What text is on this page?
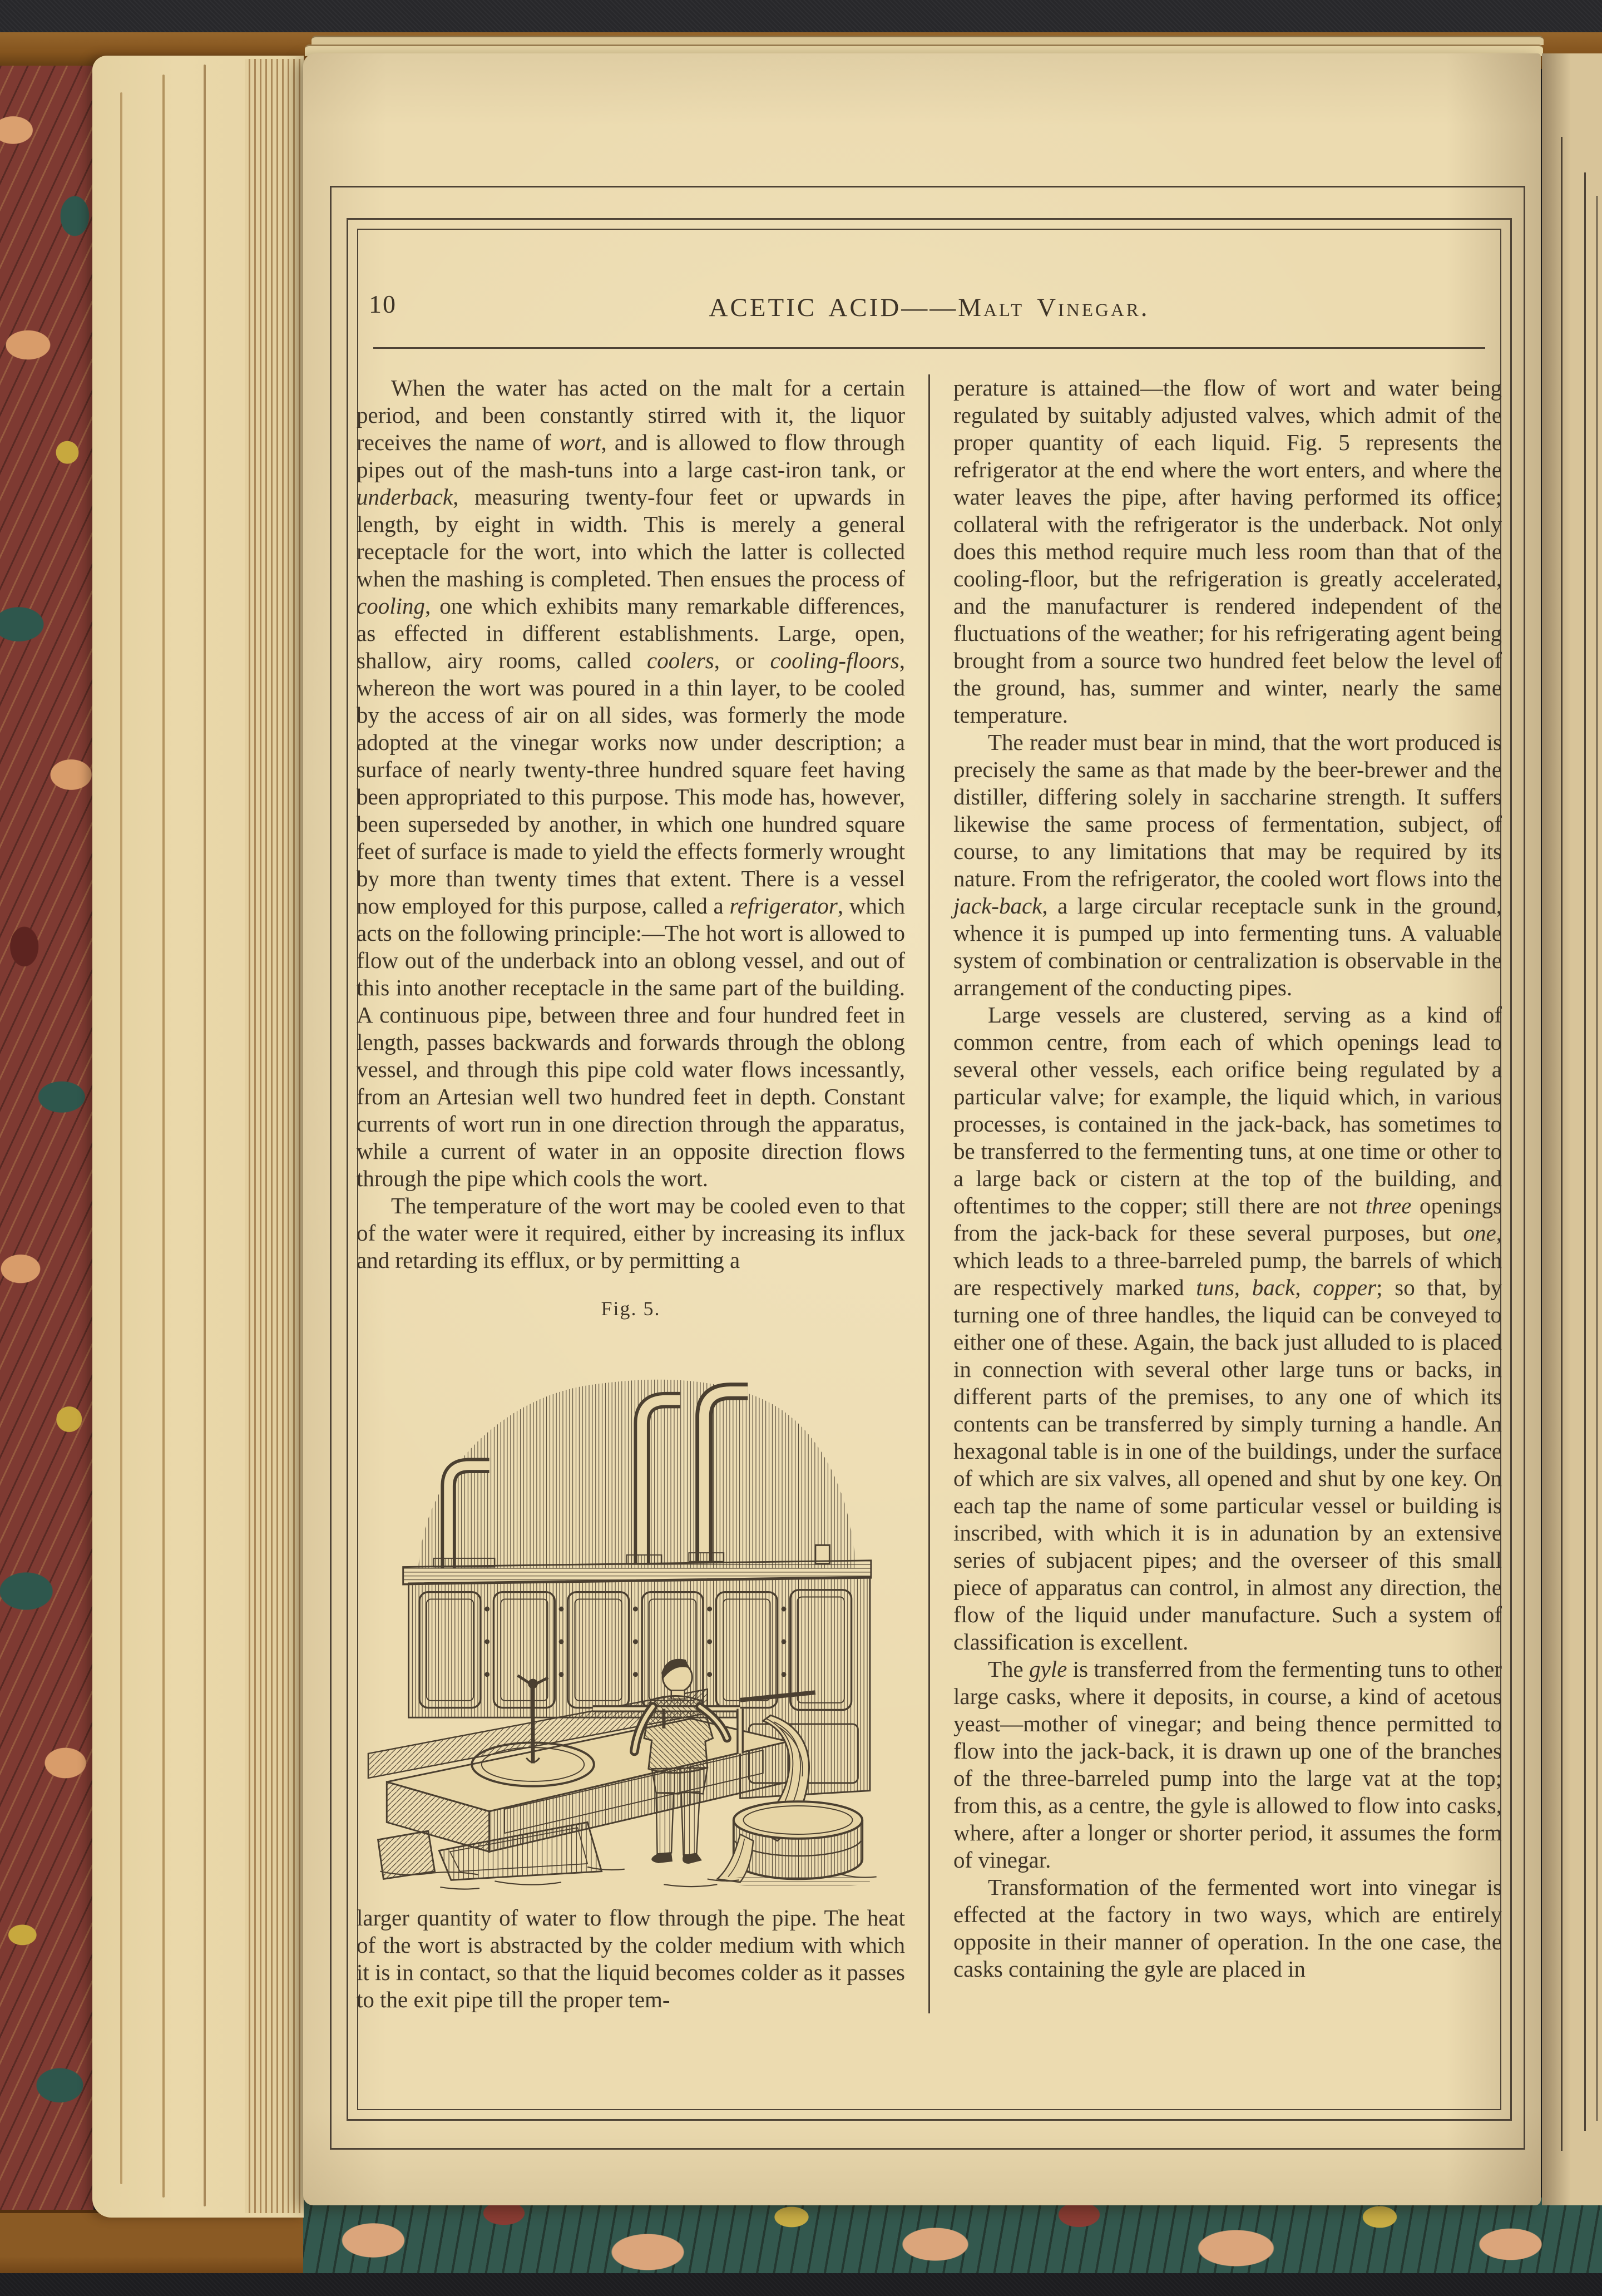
10	ACETIC ACID——Malt Vinegar.

When the water has acted on the malt for a certain period, and been constantly stirred with it, the liquor receives the name of wort, and is allowed to flow through pipes out of the mash-tuns into a large cast-iron tank, or underback, measuring twenty-four feet or upwards in length, by eight in width. This is merely a general receptacle for the wort, into which the latter is collected when the mashing is completed. Then ensues the process of cooling, one which exhibits many remarkable differences, as effected in different establishments. Large, open, shallow, airy rooms, called coolers, or cooling-floors, whereon the wort was poured in a thin layer, to be cooled by the access of air on all sides, was formerly the mode adopted at the vinegar works now under description; a surface of nearly twenty-three hundred square feet having been appropriated to this purpose. This mode has, however, been superseded by another, in which one hundred square feet of surface is made to yield the effects formerly wrought by more than twenty times that extent. There is a vessel now employed for this purpose, called a refrigerator, which acts on the following principle:—The hot wort is allowed to flow out of the underback into an oblong vessel, and out of this into another receptacle in the same part of the building. A continuous pipe, between three and four hundred feet in length, passes backwards and forwards through the oblong vessel, and through this pipe cold water flows incessantly, from an Artesian well two hundred feet in depth. Constant currents of wort run in one direction through the apparatus, while a current of water in an opposite direction flows through the pipe which cools the wort.

The temperature of the wort may be cooled even to that of the water were it required, either by increasing its influx and retarding its efflux, or by permitting a

Fig. 5.

larger quantity of water to flow through the pipe. The heat of the wort is abstracted by the colder medium with which it is in contact, so that the liquid becomes colder as it passes to the exit pipe till the proper tem-

perature is attained—the flow of wort and water being regulated by suitably adjusted valves, which admit of the proper quantity of each liquid. Fig. 5 represents the refrigerator at the end where the wort enters, and where the water leaves the pipe, after having performed its office; collateral with the refrigerator is the underback. Not only does this method require much less room than that of the cooling-floor, but the refrigeration is greatly accelerated, and the manufacturer is rendered independent of the fluctuations of the weather; for his refrigerating agent being brought from a source two hundred feet below the level of the ground, has, summer and winter, nearly the same temperature.

The reader must bear in mind, that the wort produced is precisely the same as that made by the beer-brewer and the distiller, differing solely in saccharine strength. It suffers likewise the same process of fermentation, subject, of course, to any limitations that may be required by its nature. From the refrigerator, the cooled wort flows into the jack-back, a large circular receptacle sunk in the ground, whence it is pumped up into fermenting tuns. A valuable system of combination or centralization is observable in the arrangement of the conducting pipes.

Large vessels are clustered, serving as a kind of common centre, from each of which openings lead to several other vessels, each orifice being regulated by a particular valve; for example, the liquid which, in various processes, is contained in the jack-back, has sometimes to be transferred to the fermenting tuns, at one time or other to a large back or cistern at the top of the building, and oftentimes to the copper; still there are not three openings from the jack-back for these several purposes, but one, which leads to a three-barreled pump, the barrels of which are respectively marked tuns, back, copper; so that, by turning one of three handles, the liquid can be conveyed to either one of these. Again, the back just alluded to is placed in connection with several other large tuns or backs, in different parts of the premises, to any one of which its contents can be transferred by simply turning a handle. An hexagonal table is in one of the buildings, under the surface of which are six valves, all opened and shut by one key. On each tap the name of some particular vessel or building is inscribed, with which it is in adunation by an extensive series of subjacent pipes; and the overseer of this small piece of apparatus can control, in almost any direction, the flow of the liquid under manufacture. Such a system of classification is excellent.

The gyle is transferred from the fermenting tuns to other large casks, where it deposits, in course, a kind of acetous yeast—mother of vinegar; and being thence permitted to flow into the jack-back, it is drawn up one of the branches of the three-barreled pump into the large vat at the top; from this, as a centre, the gyle is allowed to flow into casks, where, after a longer or shorter period, it assumes the form of vinegar.

Transformation of the fermented wort into vinegar is effected at the factory in two ways, which are entirely opposite in their manner of operation. In the one case, the casks containing the gyle are placed in
